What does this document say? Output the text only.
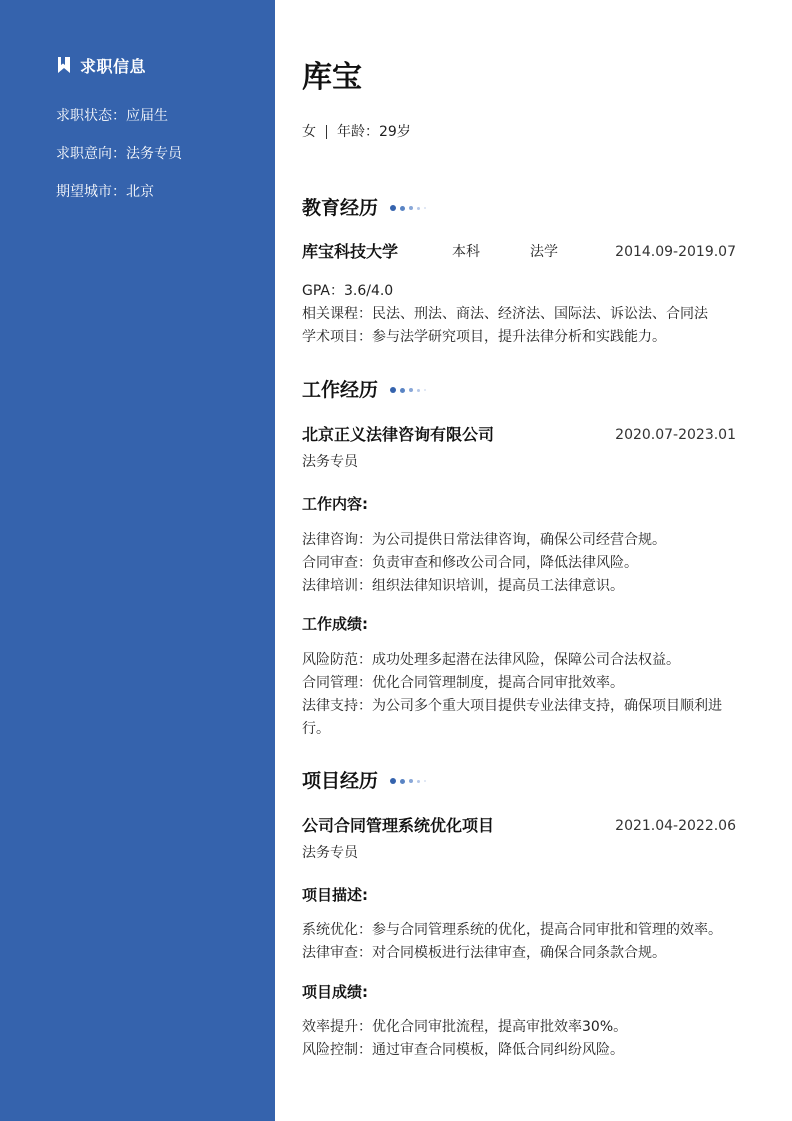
求职信息
求职状态：应届生
求职意向：法务专员
期望城市：北京
库宝
女 年龄：29岁
教育经历
库宝科技大学	本科	法学	2014.09-2019.07
GPA：3.6/4.0
相关课程：民法、刑法、商法、经济法、国际法、诉讼法、合同法
学术项目：参与法学研究项目，提升法律分析和实践能力。
工作经历
北京正义法律咨询有限公司	2020.07-2023.01
法务专员
工作内容:
法律咨询：为公司提供日常法律咨询，确保公司经营合规。
合同审查：负责审查和修改公司合同，降低法律风险。
法律培训：组织法律知识培训，提高员工法律意识。
工作成绩:
风险防范：成功处理多起潜在法律风险，保障公司合法权益。
合同管理：优化合同管理制度，提高合同审批效率。
法律支持：为公司多个重大项目提供专业法律支持，确保项目顺利进
行。
项目经历
公司合同管理系统优化项目	2021.04-2022.06
法务专员
项目描述:
系统优化：参与合同管理系统的优化，提高合同审批和管理的效率。
法律审查：对合同模板进行法律审查，确保合同条款合规。
项目成绩:
效率提升：优化合同审批流程，提高审批效率30%。
风险控制：通过审查合同模板，降低合同纠纷风险。
